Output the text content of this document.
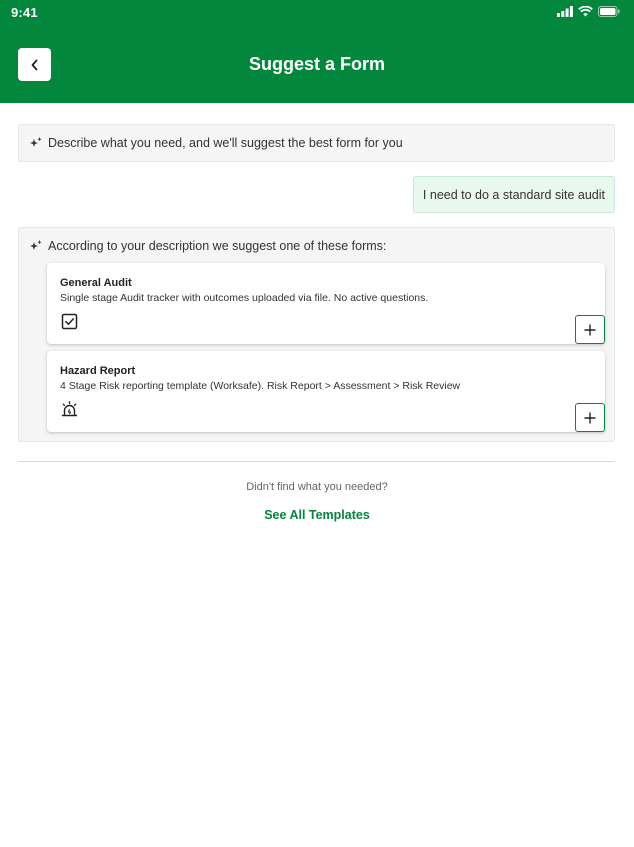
9:41
Suggest a Form
Describe what you need, and we'll suggest the best form for you
I need to do a standard site audit
According to your description we suggest one of these forms:
General Audit
Single stage Audit tracker with outcomes uploaded via file. No active questions.
Hazard Report
4 Stage Risk reporting template (Worksafe). Risk Report > Assessment > Risk Review
Didn't find what you needed?
See All Templates
